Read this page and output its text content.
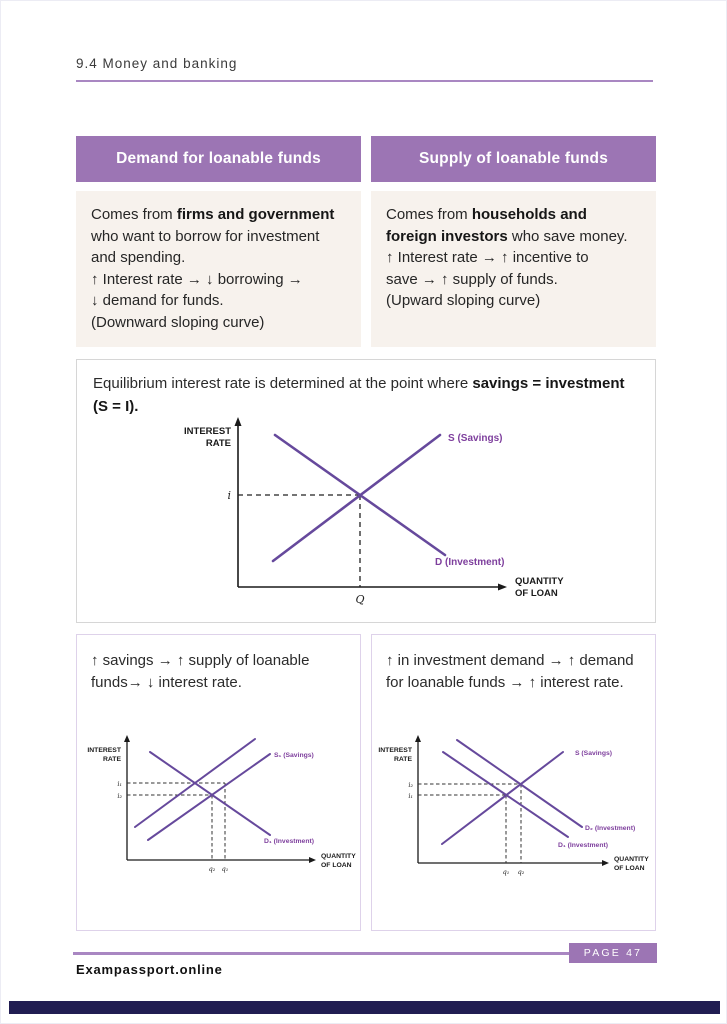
9.4 Money and banking
Demand for loanable funds	Supply of loanable funds
Comes from firms and government who want to borrow for investment and spending.
↑ Interest rate → ↓ borrowing →
↓ demand for funds.
(Downward sloping curve)
Comes from households and foreign investors who save money.
↑ Interest rate → ↑ incentive to
save → ↑ supply of funds.
(Upward sloping curve)
Equilibrium interest rate is determined at the point where savings = investment (S = I).
INTEREST
RATE
QUANTITY
OF LOAN
S (Savings)
D (Investment)
i
Q
↑ savings → ↑ supply of loanable funds→ ↓ interest rate.
INTEREST
RATE
QUANTITY
OF LOAN
S₁ (Savings)
D₁ (Investment)
i₁
i₂
q₂ q₁
↑ in investment demand → ↑ demand for loanable funds → ↑ interest rate.
INTEREST
RATE
QUANTITY
OF LOAN
S (Savings)
D₂ (Investment)
D₁ (Investment)
i₂
i₁
q₁ q₂
PAGE 47
Exampassport.online
